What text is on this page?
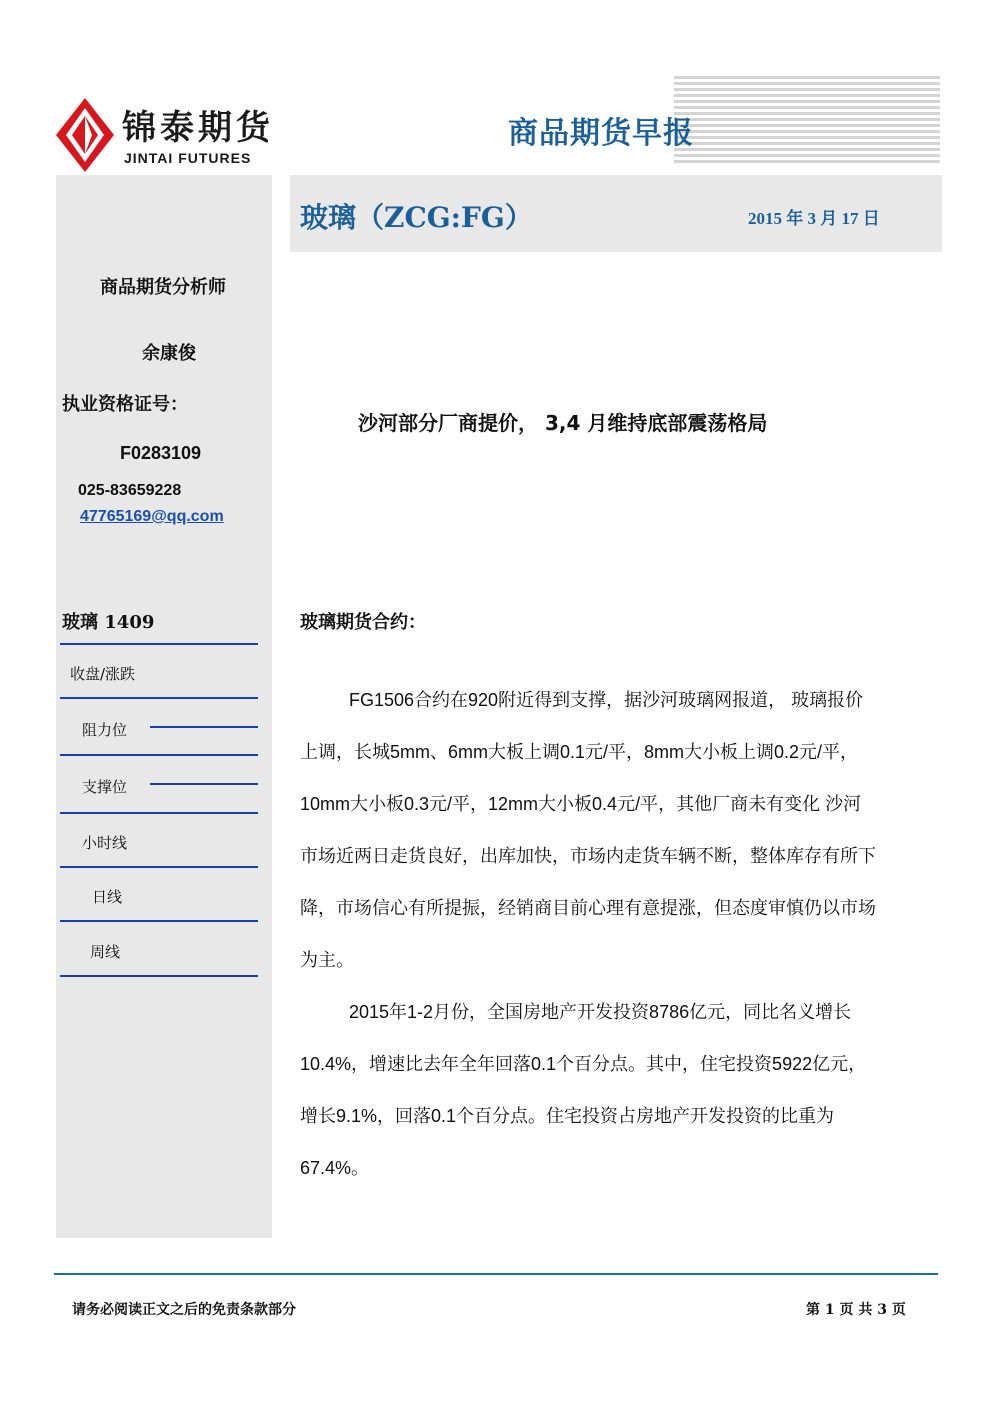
锦泰期货
JINTAI FUTURES
商品期货早报
玻璃（ZCG:FG）	2015 年 3 月 17 日
商品期货分析师
余康俊
执业资格证号：
F0283109
025-83659228
47765169@qq.com
玻璃 1409
收盘/涨跌
阻力位
支撑位
小时线
日线
周线
沙河部分厂商提价， 3,4 月维持底部震荡格局
玻璃期货合约：
FG1506合约在920附近得到支撑，据沙河玻璃网报道， 玻璃报价
上调，长城5mm、6mm大板上调0.1元/平，8mm大小板上调0.2元/平，
10mm大小板0.3元/平，12mm大小板0.4元/平，其他厂商未有变化 沙河
市场近两日走货良好，出库加快，市场内走货车辆不断，整体库存有所下
降，市场信心有所提振，经销商目前心理有意提涨，但态度审慎仍以市场
为主。
2015年1-2月份，全国房地产开发投资8786亿元，同比名义增长
10.4%，增速比去年全年回落0.1个百分点。其中，住宅投资5922亿元，
增长9.1%，回落0.1个百分点。住宅投资占房地产开发投资的比重为
67.4%。
请务必阅读正文之后的免责条款部分	第 1 页 共 3 页
